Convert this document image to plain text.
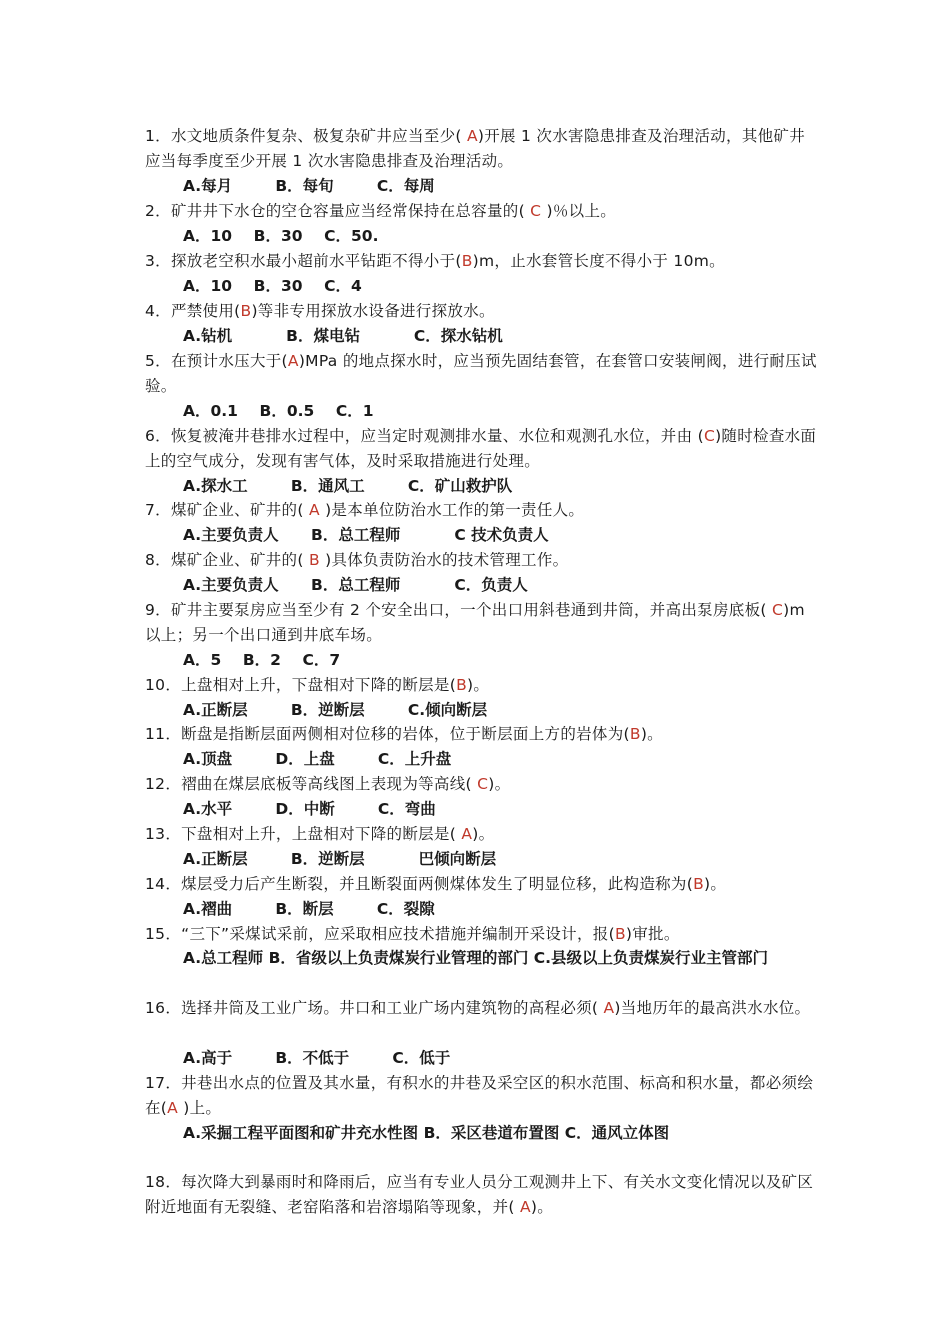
1．水文地质条件复杂、极复杂矿井应当至少( A)开展 1 次水害隐患排查及治理活动，其他矿井应当每季度至少开展 1 次水害隐患排查及治理活动。
A.每月        B．每旬        C．每周
2．矿井井下水仓的空仓容量应当经常保持在总容量的( C )％以上。
A．10    B．30    C．50.
3．探放老空积水最小超前水平钻距不得小于(B)m，止水套管长度不得小于 10m。
A．10    B．30    C．4
4．严禁使用(B)等非专用探放水设备进行探放水。
A.钻机          B．煤电钻          C．探水钻机
5．在预计水压大于(A)MPa 的地点探水时，应当预先固结套管，在套管口安装闸阀，进行耐压试验。
A．0.1    B．0.5    C．1
6．恢复被淹井巷排水过程中，应当定时观测排水量、水位和观测孔水位，并由 (C)随时检查水面上的空气成分，发现有害气体，及时采取措施进行处理。
A.探水工        B．通风工        C．矿山救护队
7．煤矿企业、矿井的( A )是本单位防治水工作的第一责任人。
A.主要负责人      B．总工程师          C 技术负责人
8．煤矿企业、矿井的( B )具体负责防治水的技术管理工作。
A.主要负责人      B．总工程师          C．负责人
9．矿井主要泵房应当至少有 2 个安全出口，一个出口用斜巷通到井筒，并高出泵房底板( C)m 以上；另一个出口通到井底车场。
A．5    B．2    C．7
10．上盘相对上升，下盘相对下降的断层是(B)。
A.正断层        B．逆断层        C.倾向断层
11．断盘是指断层面两侧相对位移的岩体，位于断层面上方的岩体为(B)。
A.顶盘        D．上盘        C．上升盘
12．褶曲在煤层底板等高线图上表现为等高线( C)。
A.水平        D．中断        C．弯曲
13．下盘相对上升，上盘相对下降的断层是( A)。
A.正断层        B．逆断层          巴倾向断层
14．煤层受力后产生断裂，并且断裂面两侧煤体发生了明显位移，此构造称为(B)。
A.褶曲        B．断层        C．裂隙
15．“三下”采煤试采前，应采取相应技术措施并编制开采设计，报(B)审批。
A.总工程师 B．省级以上负责煤炭行业管理的部门 C.县级以上负责煤炭行业主管部门
16．选择井筒及工业广场。井口和工业广场内建筑物的高程必须( A)当地历年的最高洪水水位。
A.高于        B．不低于        C．低于
17．井巷出水点的位置及其水量，有积水的井巷及采空区的积水范围、标高和积水量，都必须绘在(A )上。
A.采掘工程平面图和矿井充水性图 B．采区巷道布置图 C．通风立体图
18．每次降大到暴雨时和降雨后，应当有专业人员分工观测井上下、有关水文变化情况以及矿区附近地面有无裂缝、老窑陷落和岩溶塌陷等现象，并( A)。
